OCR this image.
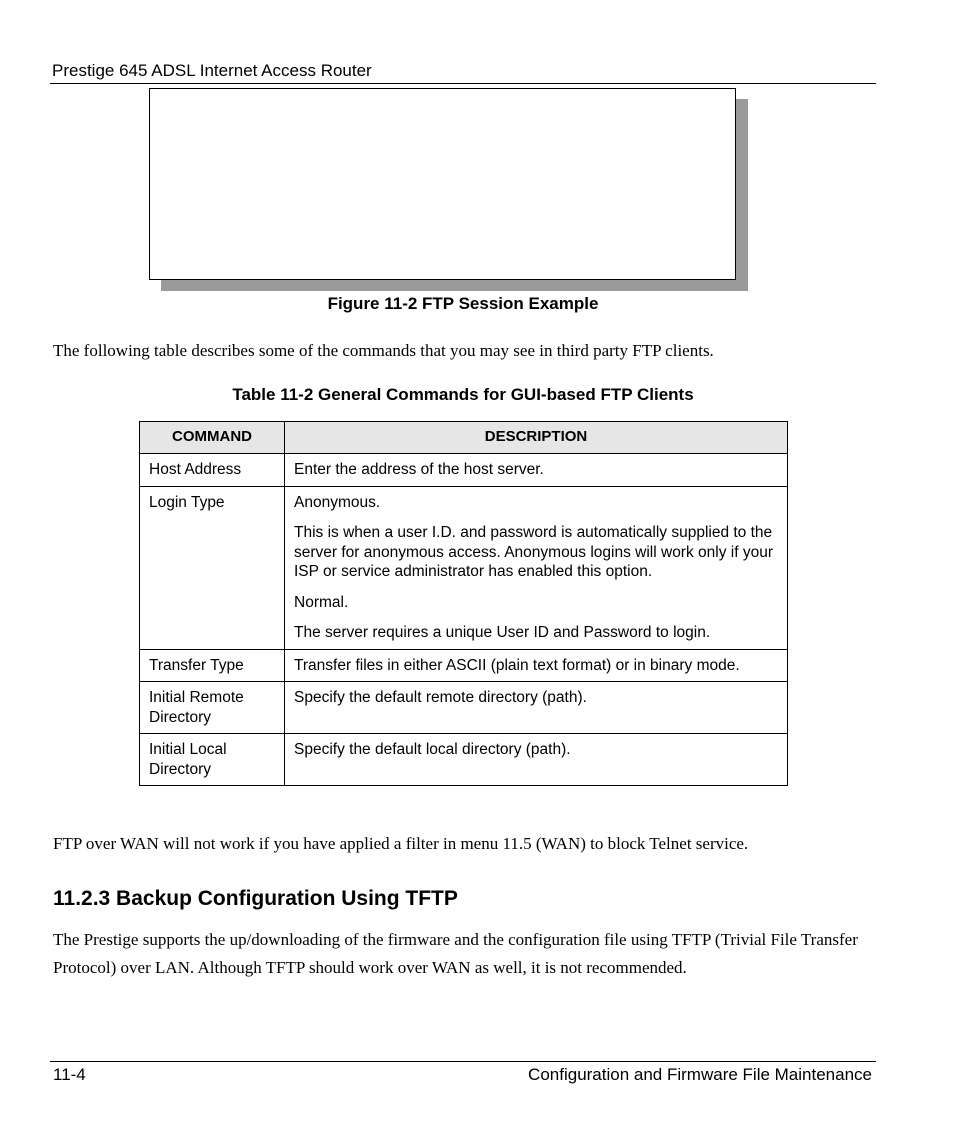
Prestige 645 ADSL Internet Access Router
Figure 11-2 FTP Session Example
The following table describes some of the commands that you may see in third party FTP clients.
Table 11-2 General Commands for GUI-based FTP Clients
COMMAND	DESCRIPTION

Host Address	Enter the address of the host server.

Login Type	Anonymous.

This is when a user I.D. and password is automatically supplied to the server for anonymous access. Anonymous logins will work only if your ISP or service administrator has enabled this option.

Normal.

The server requires a unique User ID and Password to login.

Transfer Type	Transfer files in either ASCII (plain text format) or in binary mode.

Initial Remote Directory	Specify the default remote directory (path).

Initial Local Directory	Specify the default local directory (path).

FTP over WAN will not work if you have applied a filter in menu 11.5 (WAN) to block Telnet service.
11.2.3 Backup Configuration Using TFTP
The Prestige supports the up/downloading of the firmware and the configuration file using TFTP (Trivial File Transfer Protocol) over LAN. Although TFTP should work over WAN as well, it is not recommended.
11-4	Configuration and Firmware File Maintenance
